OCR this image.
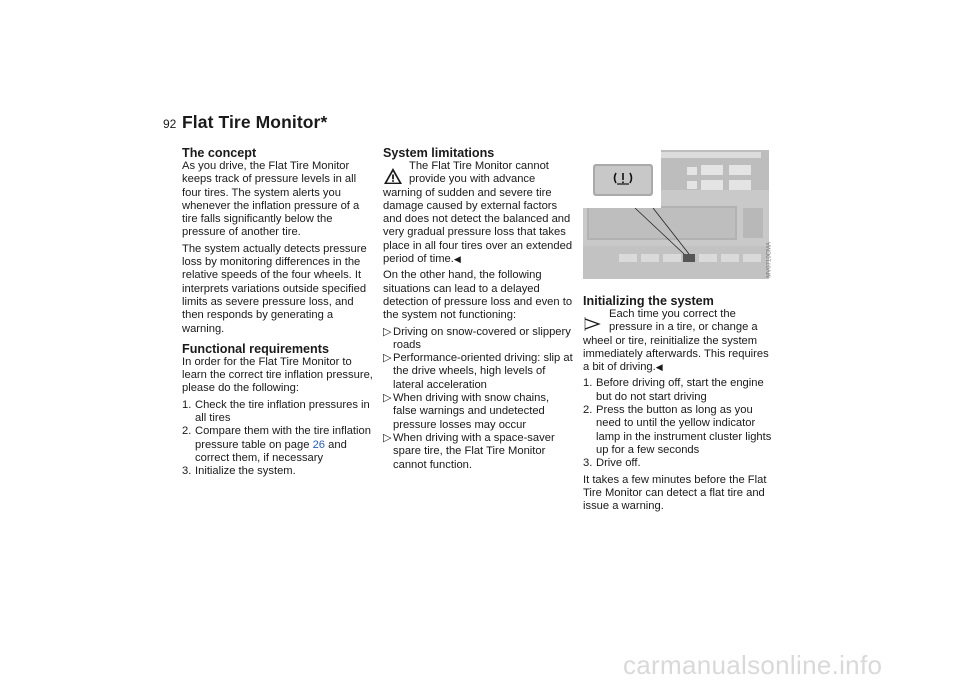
92 Flat Tire Monitor*
The concept

As you drive, the Flat Tire Monitor keeps track of pressure levels in all four tires. The system alerts you whenever the inflation pressure of a tire falls significantly below the pressure of another tire.

The system actually detects pressure loss by monitoring differences in the relative speeds of the four wheels. It interprets variations outside specified limits as severe pressure loss, and then responds by generating a warning.

Functional requirements

In order for the Flat Tire Monitor to learn the correct tire inflation pressure, please do the following:

1. Check the tire inflation pressures in all tires
2. Compare them with the tire inflation pressure table on page 26 and correct them, if necessary
3. Initialize the system.
System limitations
The Flat Tire Monitor cannot provide you with advance warning of sudden and severe tire damage caused by external factors and does not detect the balanced and very gradual pressure loss that takes place in all four tires over an extended period of time.◀

On the other hand, the following situations can lead to a delayed detection of pressure loss and even to the system not functioning:

▷ Driving on snow-covered or slippery roads
▷ Performance-oriented driving: slip at the drive wheels, high levels of lateral acceleration
▷ When driving with snow chains, false warnings and undetected pressure losses may occur
▷ When driving with a space-saver spare tire, the Flat Tire Monitor cannot function.
MV0710CMA
Initializing the system
Each time you correct the pressure in a tire, or change a wheel or tire, reinitialize the system immediately afterwards. This requires a bit of driving.◀
1. Before driving off, start the engine but do not start driving
2. Press the button as long as you need to until the yellow indicator lamp in the instrument cluster lights up for a few seconds
3. Drive off.

It takes a few minutes before the Flat Tire Monitor can detect a flat tire and issue a warning.

carmanualsonline.info
